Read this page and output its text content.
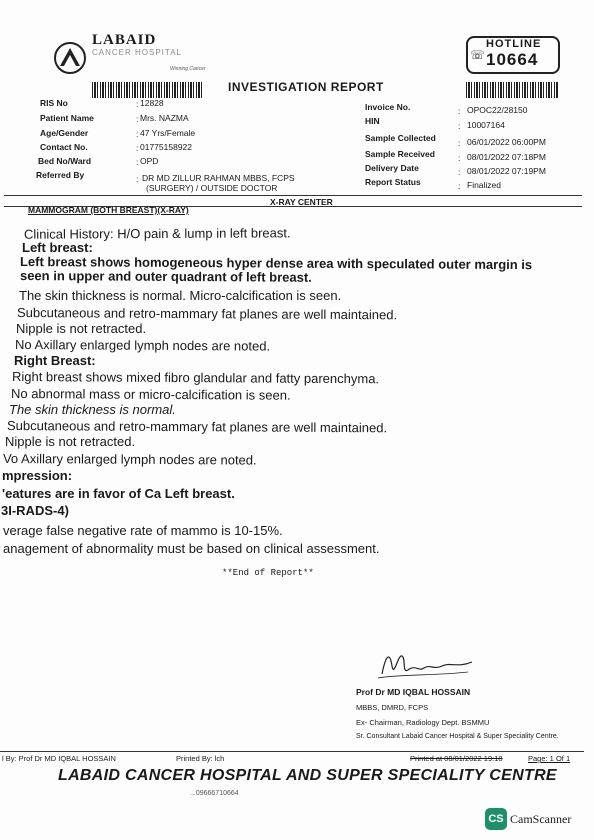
LABAID
CANCER HOSPITAL
Winning Cancer
☏
HOTLINE
10664
INVESTIGATION REPORT
RIS No	12828
Patient Name	Mrs. NAZMA
Age/Gender	47 Yrs/Female
Contact No.	01775158922
Bed No/Ward	OPD
Referred By	DR MD ZILLUR RAHMAN MBBS, FCPS
(SURGERY) / OUTSIDE DOCTOR
:
:
:
:
:
:
Invoice No.	OPOC22/28150
HIN	10007164
Sample Collected	06/01/2022 06:00PM
Sample Received	08/01/2022 07:18PM
Delivery Date	08/01/2022 07:19PM
Report Status	Finalized
:
:
:
:
:
:
X-RAY CENTER
MAMMOGRAM (BOTH BREAST)(X-RAY)
Clinical History: H/O pain & lump in left breast.
Left breast:
Left breast shows homogeneous hyper dense area with speculated outer margin is
seen in upper and outer quadrant of left breast.
The skin thickness is normal. Micro-calcification is seen.
Subcutaneous and retro-mammary fat planes are well maintained.
Nipple is not retracted.
No Axillary enlarged lymph nodes are noted.
Right Breast:
Right breast shows mixed fibro glandular and fatty parenchyma.
No abnormal mass or micro-calcification is seen.
The skin thickness is normal.
Subcutaneous and retro-mammary fat planes are well maintained.
Nipple is not retracted.
Vo Axillary enlarged lymph nodes are noted.
mpression:
'eatures are in favor of Ca Left breast.
3I-RADS-4)
verage false negative rate of mammo is 10-15%.
anagement of abnormality must be based on clinical assessment.
**End of Report**
Prof Dr MD IQBAL HOSSAIN
MBBS, DMRD, FCPS
Ex- Chairman, Radiology Dept. BSMMU
Sr. Consultant Labaid Cancer Hospital & Super Speciality Centre.
l By: Prof Dr MD IQBAL HOSSAIN	Printed By: lch	Printed at 08/01/2022 19:18	Page: 1 Of 1
LABAID CANCER HOSPITAL AND SUPER SPECIALITY CENTRE
...09666710664
CS CamScanner
